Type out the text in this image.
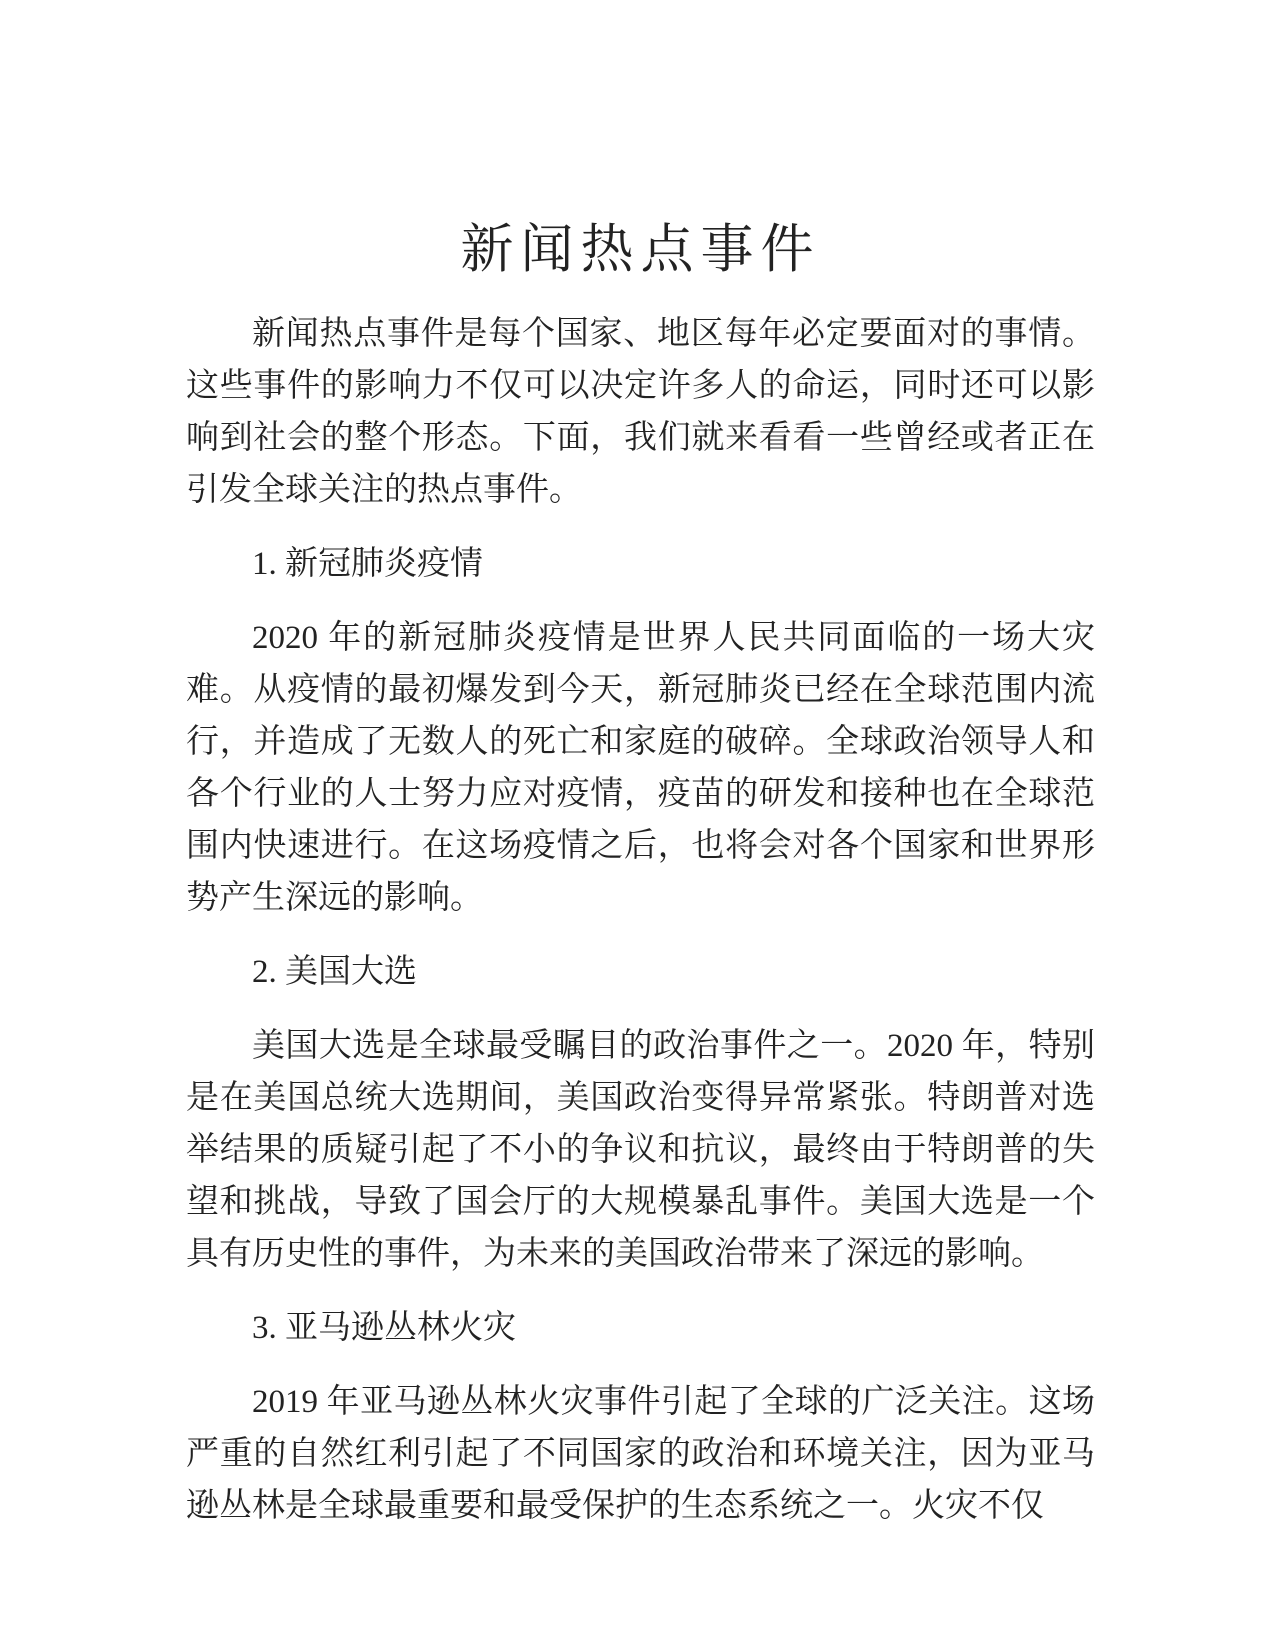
新闻热点事件

新闻热点事件是每个国家、地区每年必定要面对的事情。这些事件的影响力不仅可以决定许多人的命运，同时还可以影响到社会的整个形态。下面，我们就来看看一些曾经或者正在引发全球关注的热点事件。

1. 新冠肺炎疫情

2020 年的新冠肺炎疫情是世界人民共同面临的一场大灾难。从疫情的最初爆发到今天，新冠肺炎已经在全球范围内流行，并造成了无数人的死亡和家庭的破碎。全球政治领导人和各个行业的人士努力应对疫情，疫苗的研发和接种也在全球范围内快速进行。在这场疫情之后，也将会对各个国家和世界形势产生深远的影响。

2. 美国大选

美国大选是全球最受瞩目的政治事件之一。2020 年，特别是在美国总统大选期间，美国政治变得异常紧张。特朗普对选举结果的质疑引起了不小的争议和抗议，最终由于特朗普的失望和挑战，导致了国会厅的大规模暴乱事件。美国大选是一个具有历史性的事件，为未来的美国政治带来了深远的影响。

3. 亚马逊丛林火灾

2019 年亚马逊丛林火灾事件引起了全球的广泛关注。这场严重的自然红利引起了不同国家的政治和环境关注，因为亚马逊丛林是全球最重要和最受保护的生态系统之一。火灾不仅
